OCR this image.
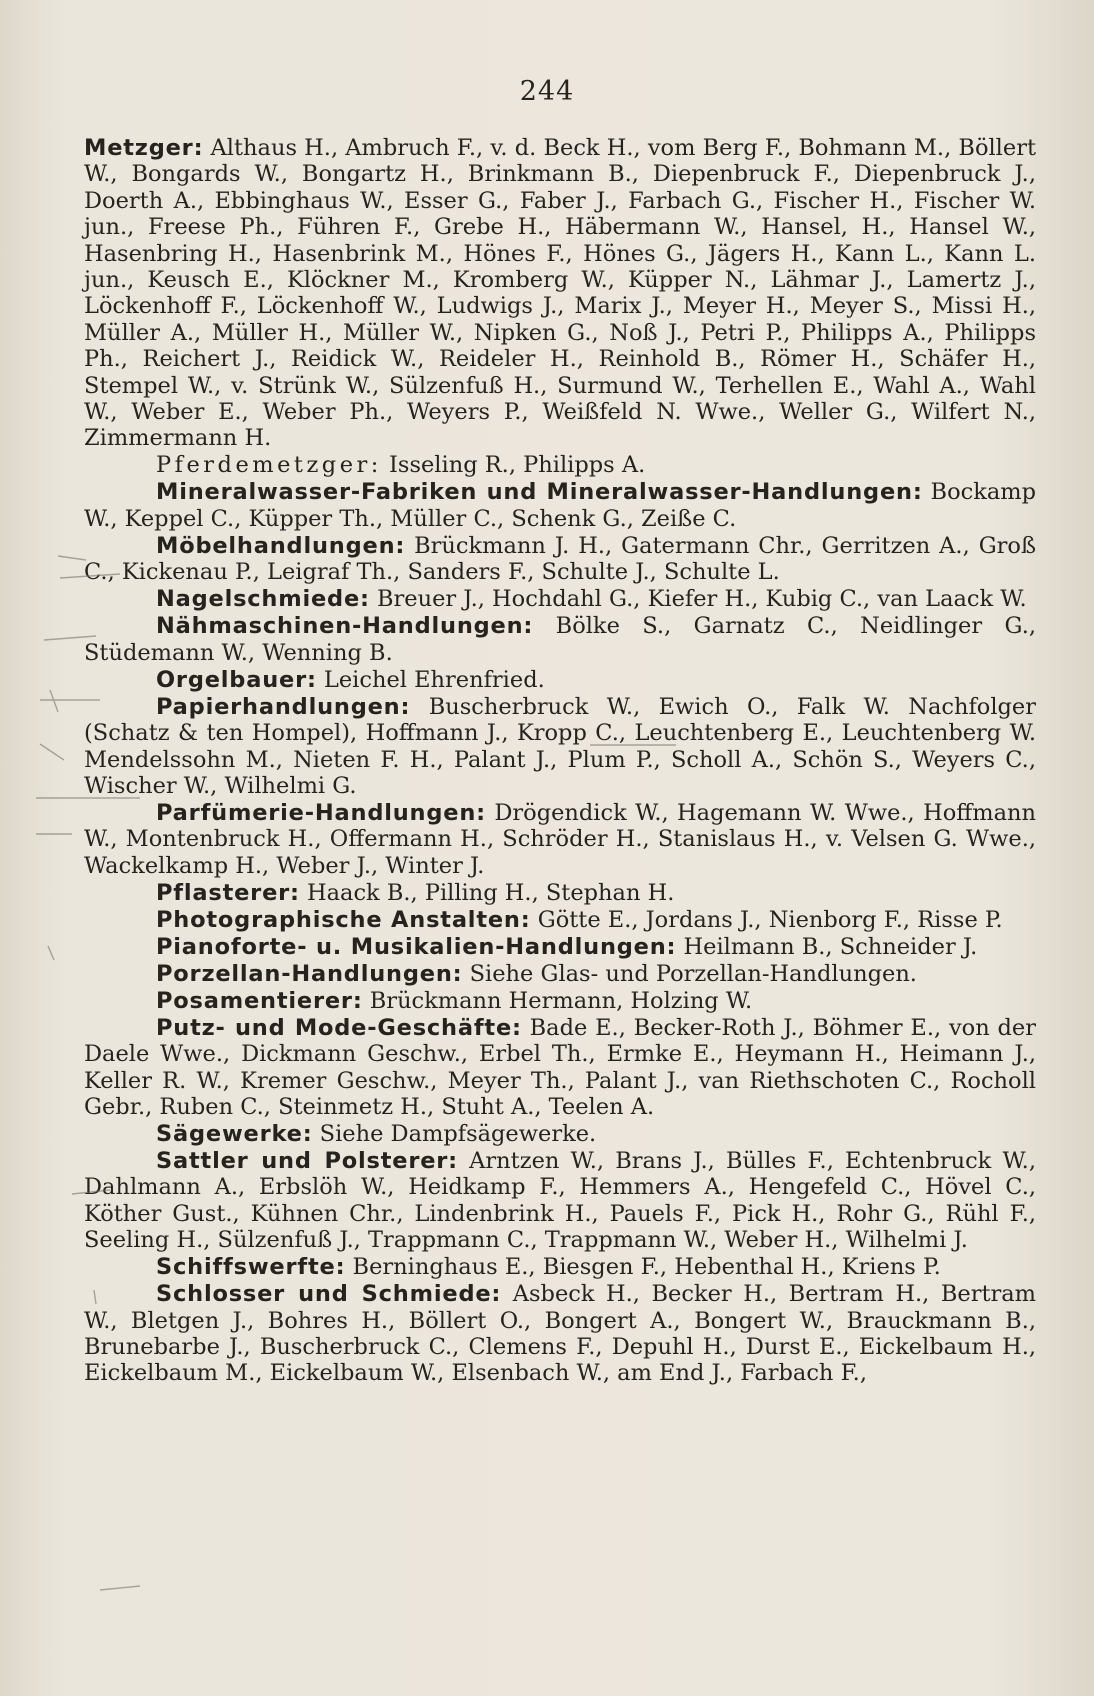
244

Metzger: Althaus H., Ambruch F., v. d. Beck H., vom Berg F., Bohmann M., Böllert W., Bongards W., Bongartz H., Brinkmann B., Diepenbruck F., Diepenbruck J., Doerth A., Ebbinghaus W., Esser G., Faber J., Farbach G., Fischer H., Fischer W. jun., Freese Ph., Führen F., Grebe H., Häbermann W., Hansel, H., Hansel W., Hasenbring H., Hasenbrink M., Hönes F., Hönes G., Jägers H., Kann L., Kann L. jun., Keusch E., Klöckner M., Kromberg W., Küpper N., Lähmar J., Lamertz J., Löckenhoff F., Löckenhoff W., Ludwigs J., Marix J., Meyer H., Meyer S., Missi H., Müller A., Müller H., Müller W., Nipken G., Noß J., Petri P., Philipps A., Philipps Ph., Reichert J., Reidick W., Reideler H., Reinhold B., Römer H., Schäfer H., Stempel W., v. Strünk W., Sülzenfuß H., Surmund W., Terhellen E., Wahl A., Wahl W., Weber E., Weber Ph., Weyers P., Weißfeld N. Wwe., Weller G., Wilfert N., Zimmermann H.

Pferdemetzger: Isseling R., Philipps A.

Mineralwasser-Fabriken und Mineralwasser-Handlungen: Bockamp W., Keppel C., Küpper Th., Müller C., Schenk G., Zeiße C.

Möbelhandlungen: Brückmann J. H., Gatermann Chr., Gerritzen A., Groß C., Kickenau P., Leigraf Th., Sanders F., Schulte J., Schulte L.

Nagelschmiede: Breuer J., Hochdahl G., Kiefer H., Kubig C., van Laack W.

Nähmaschinen-Handlungen: Bölke S., Garnatz C., Neidlinger G., Stüdemann W., Wenning B.

Orgelbauer: Leichel Ehrenfried.

Papierhandlungen: Buscherbruck W., Ewich O., Falk W. Nachfolger (Schatz & ten Hompel), Hoffmann J., Kropp C., Leuchtenberg E., Leuchtenberg W. Mendelssohn M., Nieten F. H., Palant J., Plum P., Scholl A., Schön S., Weyers C., Wischer W., Wilhelmi G.

Parfümerie-Handlungen: Drögendick W., Hagemann W. Wwe., Hoffmann W., Montenbruck H., Offermann H., Schröder H., Stanislaus H., v. Velsen G. Wwe., Wackelkamp H., Weber J., Winter J.

Pflasterer: Haack B., Pilling H., Stephan H.

Photographische Anstalten: Götte E., Jordans J., Nienborg F., Risse P.

Pianoforte- u. Musikalien-Handlungen: Heilmann B., Schneider J.

Porzellan-Handlungen: Siehe Glas- und Porzellan-Handlungen.

Posamentierer: Brückmann Hermann, Holzing W.

Putz- und Mode-Geschäfte: Bade E., Becker-Roth J., Böhmer E., von der Daele Wwe., Dickmann Geschw., Erbel Th., Ermke E., Heymann H., Heimann J., Keller R. W., Kremer Geschw., Meyer Th., Palant J., van Riethschoten C., Rocholl Gebr., Ruben C., Steinmetz H., Stuht A., Teelen A.

Sägewerke: Siehe Dampfsägewerke.

Sattler und Polsterer: Arntzen W., Brans J., Bülles F., Echtenbruck W., Dahlmann A., Erbslöh W., Heidkamp F., Hemmers A., Hengefeld C., Hövel C., Köther Gust., Kühnen Chr., Lindenbrink H., Pauels F., Pick H., Rohr G., Rühl F., Seeling H., Sülzenfuß J., Trappmann C., Trappmann W., Weber H., Wilhelmi J.

Schiffswerfte: Berninghaus E., Biesgen F., Hebenthal H., Kriens P.

Schlosser und Schmiede: Asbeck H., Becker H., Bertram H., Bertram W., Bletgen J., Bohres H., Böllert O., Bongert A., Bongert W., Brauckmann B., Brunebarbe J., Buscherbruck C., Clemens F., Depuhl H., Durst E., Eickelbaum H., Eickelbaum M., Eickelbaum W., Elsenbach W., am End J., Farbach F.,
